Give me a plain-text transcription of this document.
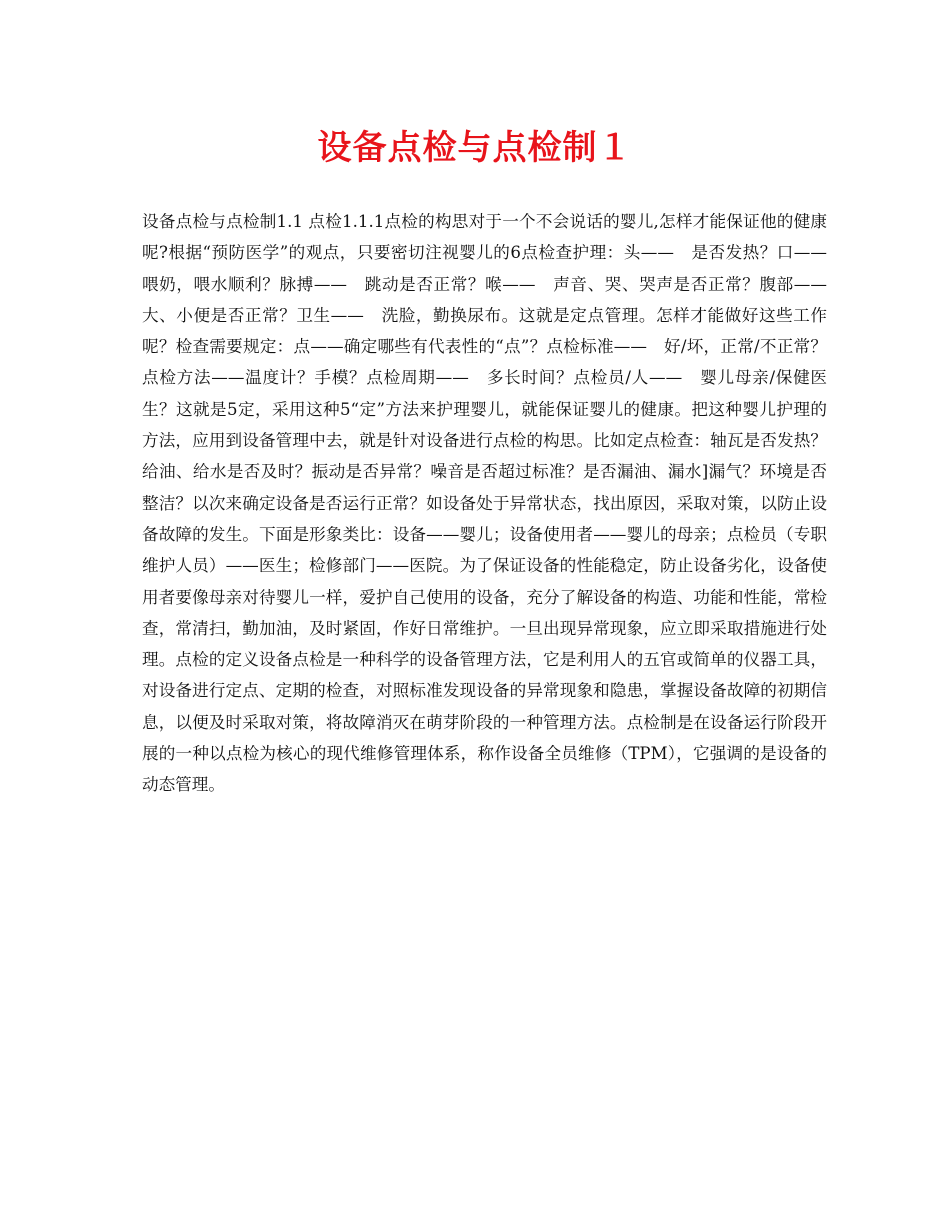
设备点检与点检制１

设备点检与点检制1.1 点检1.1.1点检的构思对于一个不会说话的婴儿,怎样才能保证他的健康呢?根据“预防医学”的观点，只要密切注视婴儿的6点检查护理：头——　是否发热？口——　喂奶，喂水顺利？脉搏——　跳动是否正常？喉——　声音、哭、哭声是否正常？腹部——　大、小便是否正常？卫生——　洗脸，勤换尿布。这就是定点管理。怎样才能做好这些工作呢？检查需要规定：点——确定哪些有代表性的“点”？点检标准——　好/坏，正常/不正常？点检方法——温度计？手模？点检周期——　多长时间？点检员/人——　婴儿母亲/保健医生？这就是5定，采用这种5“定”方法来护理婴儿，就能保证婴儿的健康。把这种婴儿护理的方法，应用到设备管理中去，就是针对设备进行点检的构思。比如定点检查：轴瓦是否发热？给油、给水是否及时？振动是否异常？噪音是否超过标准？是否漏油、漏水]漏气？环境是否整洁？以次来确定设备是否运行正常？如设备处于异常状态，找出原因，采取对策，以防止设备故障的发生。下面是形象类比：设备——婴儿；设备使用者——婴儿的母亲；点检员（专职维护人员）——医生；检修部门——医院。为了保证设备的性能稳定，防止设备劣化，设备使用者要像母亲对待婴儿一样，爱护自己使用的设备，充分了解设备的构造、功能和性能，常检查，常清扫，勤加油，及时紧固，作好日常维护。一旦出现异常现象，应立即采取措施进行处理。点检的定义设备点检是一种科学的设备管理方法，它是利用人的五官或简单的仪器工具，对设备进行定点、定期的检查，对照标准发现设备的异常现象和隐患，掌握设备故障的初期信息，以便及时采取对策，将故障消灭在萌芽阶段的一种管理方法。点检制是在设备运行阶段开展的一种以点检为核心的现代维修管理体系，称作设备全员维修（TPM），它强调的是设备的动态管理。
